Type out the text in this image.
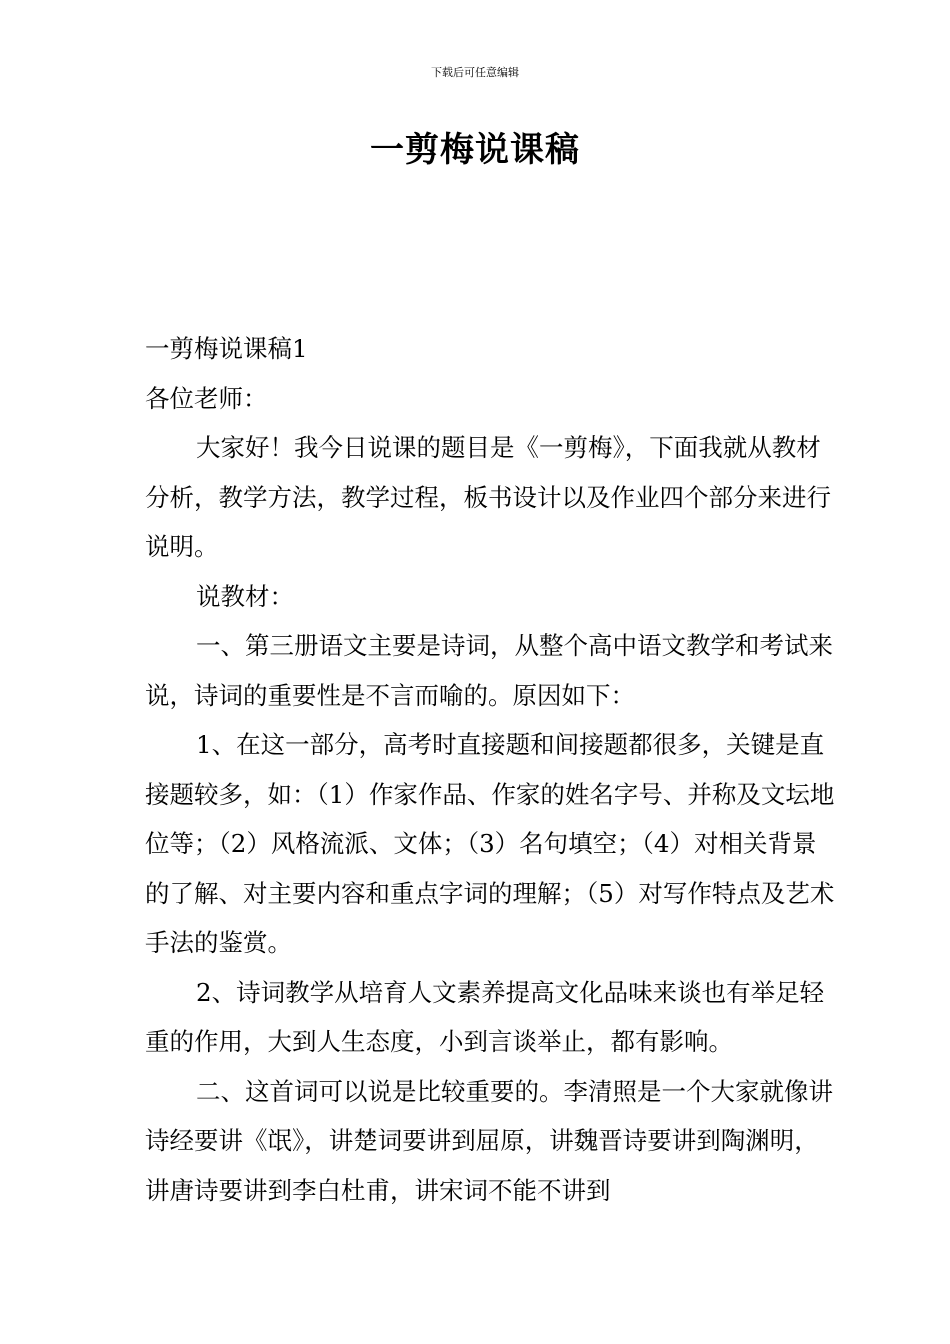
下载后可任意编辑
一剪梅说课稿

一剪梅说课稿1

各位老师：

大家好！我今日说课的题目是《一剪梅》，下面我就从教材分析，教学方法，教学过程，板书设计以及作业四个部分来进行说明。

说教材：

一、第三册语文主要是诗词，从整个高中语文教学和考试来说，诗词的重要性是不言而喻的。原因如下：

1、在这一部分，高考时直接题和间接题都很多，关键是直接题较多，如：（1）作家作品、作家的姓名字号、并称及文坛地位等；（2）风格流派、文体；（3）名句填空；（4）对相关背景的了解、对主要内容和重点字词的理解；（5）对写作特点及艺术手法的鉴赏。

2、诗词教学从培育人文素养提高文化品味来谈也有举足轻重的作用，大到人生态度，小到言谈举止，都有影响。

二、这首词可以说是比较重要的。李清照是一个大家就像讲诗经要讲《氓》，讲楚词要讲到屈原，讲魏晋诗要讲到陶渊明，讲唐诗要讲到李白杜甫，讲宋词不能不讲到
